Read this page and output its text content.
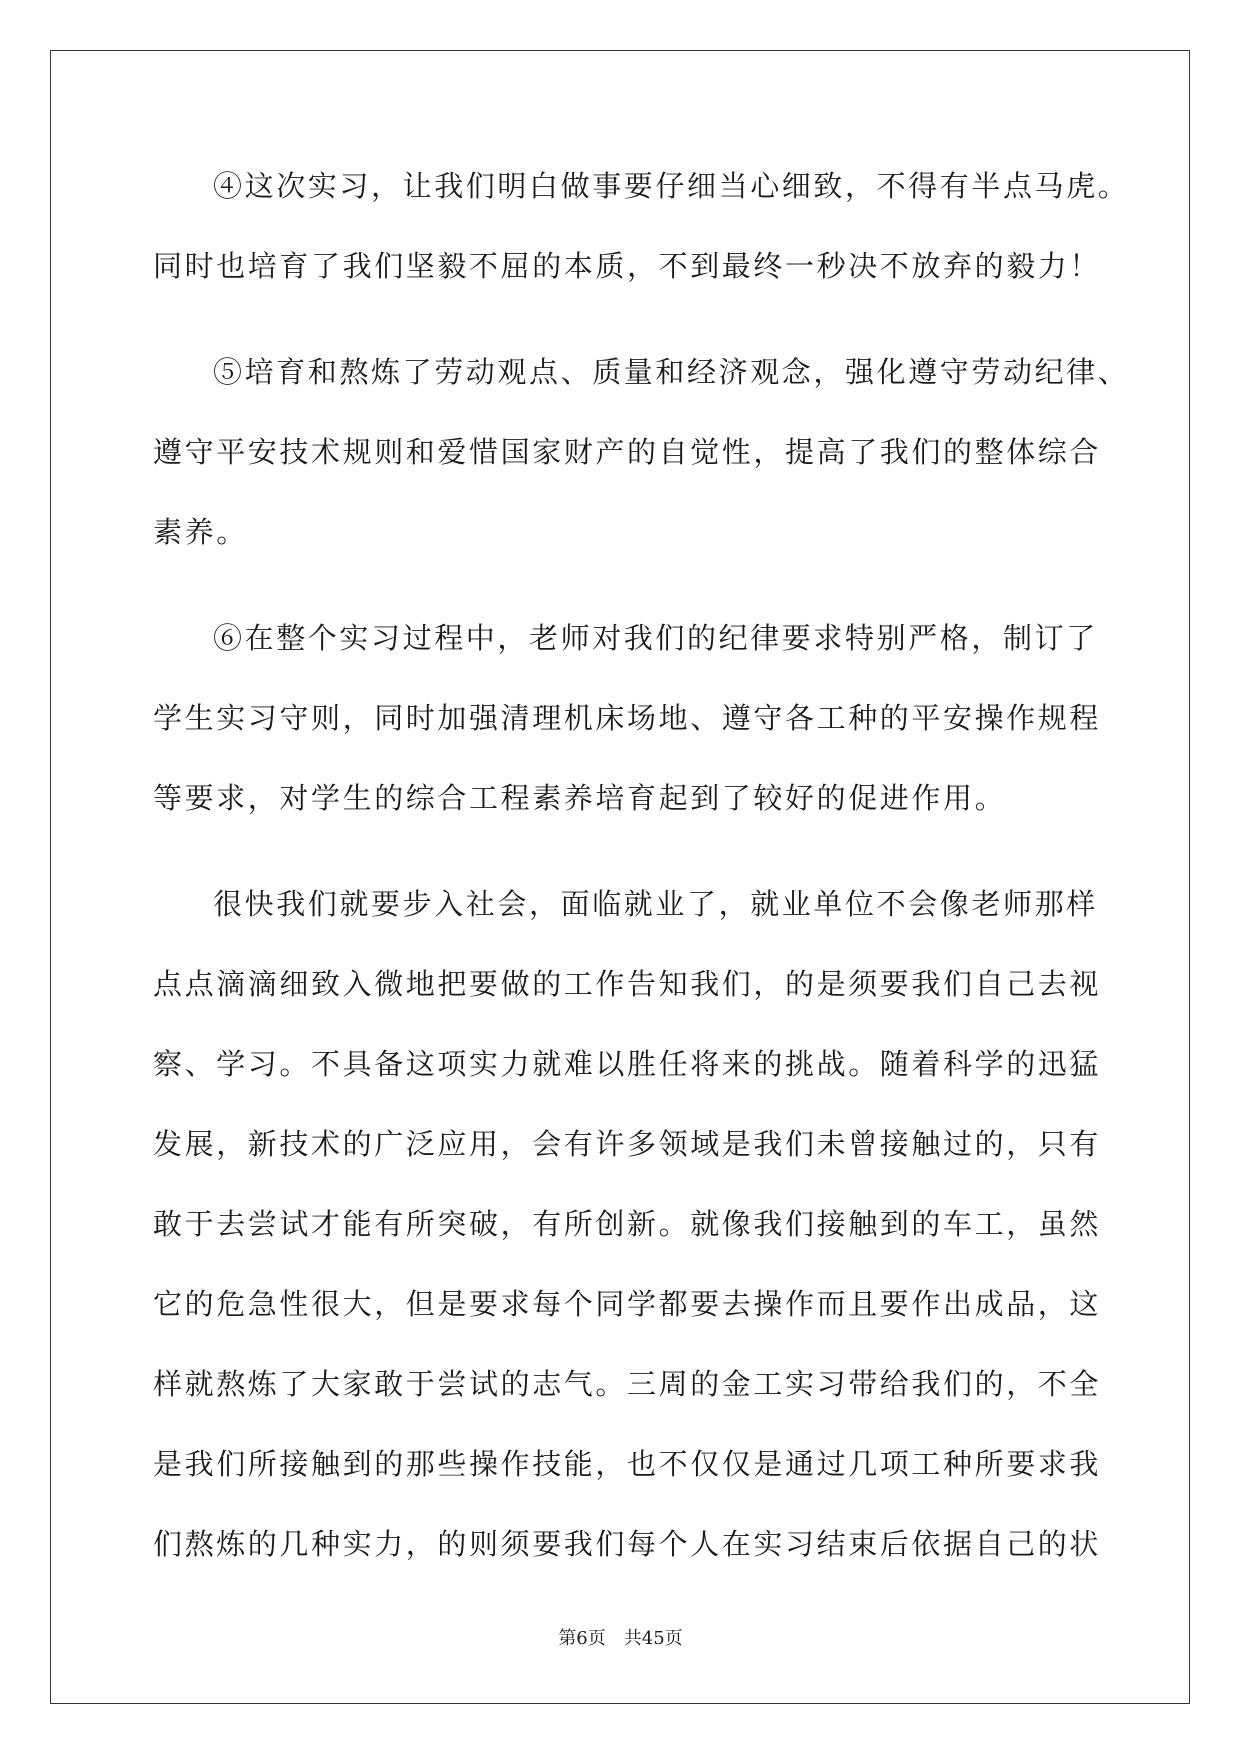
④这次实习，让我们明白做事要仔细当心细致，不得有半点马虎。
同时也培育了我们坚毅不屈的本质，不到最终一秒决不放弃的毅力！
⑤培育和熬炼了劳动观点、质量和经济观念，强化遵守劳动纪律、
遵守平安技术规则和爱惜国家财产的自觉性，提高了我们的整体综合
素养。
⑥在整个实习过程中，老师对我们的纪律要求特别严格，制订了
学生实习守则，同时加强清理机床场地、遵守各工种的平安操作规程
等要求，对学生的综合工程素养培育起到了较好的促进作用。
很快我们就要步入社会，面临就业了，就业单位不会像老师那样
点点滴滴细致入微地把要做的工作告知我们，的是须要我们自己去视
察、学习。不具备这项实力就难以胜任将来的挑战。随着科学的迅猛
发展，新技术的广泛应用，会有许多领域是我们未曾接触过的，只有
敢于去尝试才能有所突破，有所创新。就像我们接触到的车工，虽然
它的危急性很大，但是要求每个同学都要去操作而且要作出成品，这
样就熬炼了大家敢于尝试的志气。三周的金工实习带给我们的，不全
是我们所接触到的那些操作技能，也不仅仅是通过几项工种所要求我
们熬炼的几种实力，的则须要我们每个人在实习结束后依据自己的状
第6页 共45页
